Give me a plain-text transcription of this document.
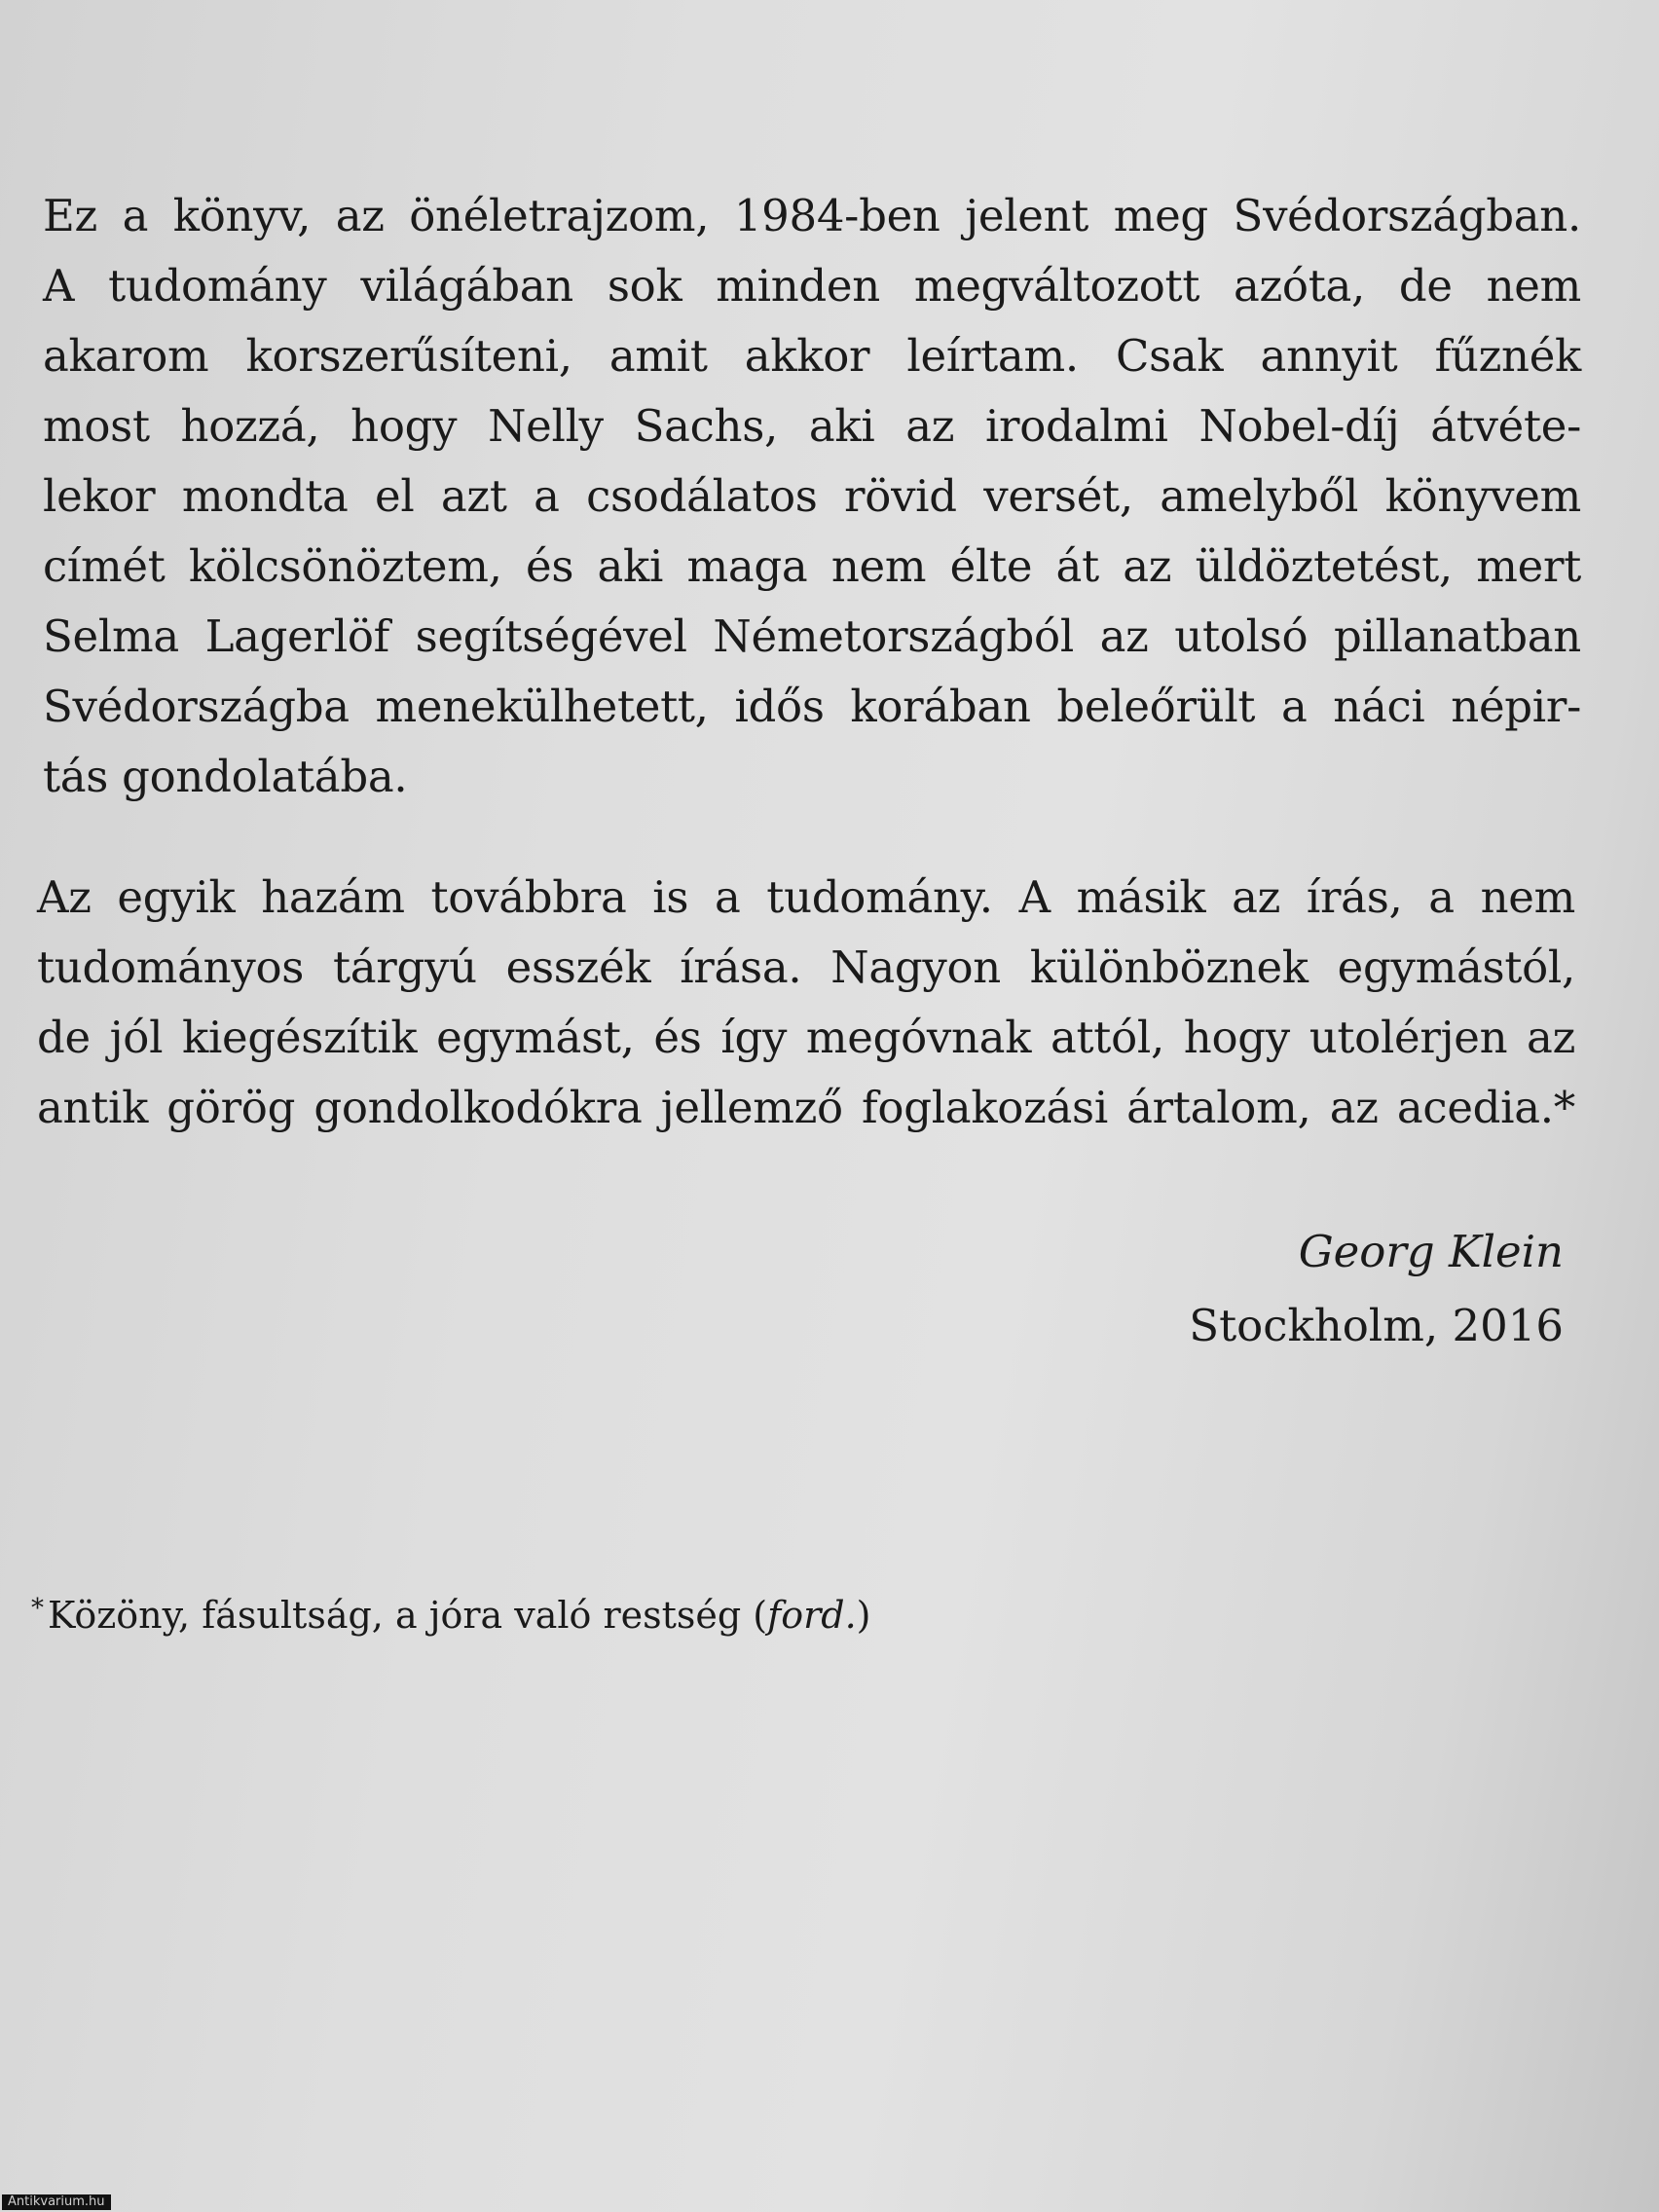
Ez a könyv, az önéletrajzom, 1984-ben jelent meg Svédországban.
A tudomány világában sok minden megváltozott azóta, de nem
akarom korszerűsíteni, amit akkor leírtam. Csak annyit fűznék
most hozzá, hogy Nelly Sachs, aki az irodalmi Nobel-díj átvéte-
lekor mondta el azt a csodálatos rövid versét, amelyből könyvem
címét kölcsönöztem, és aki maga nem élte át az üldöztetést, mert
Selma Lagerlöf segítségével Németországból az utolsó pillanatban
Svédországba menekülhetett, idős korában beleőrült a náci népir-
tás gondolatába.

Az egyik hazám továbbra is a tudomány. A másik az írás, a nem
tudományos tárgyú esszék írása. Nagyon különböznek egymástól,
de jól kiegészítik egymást, és így megóvnak attól, hogy utolérjen az
antik görög gondolkodókra jellemző foglakozási ártalom, az acedia.*

Georg Klein
Stockholm, 2016
* Közöny, fásultság, a jóra való restség (ford.)
Antikvarium.hu
